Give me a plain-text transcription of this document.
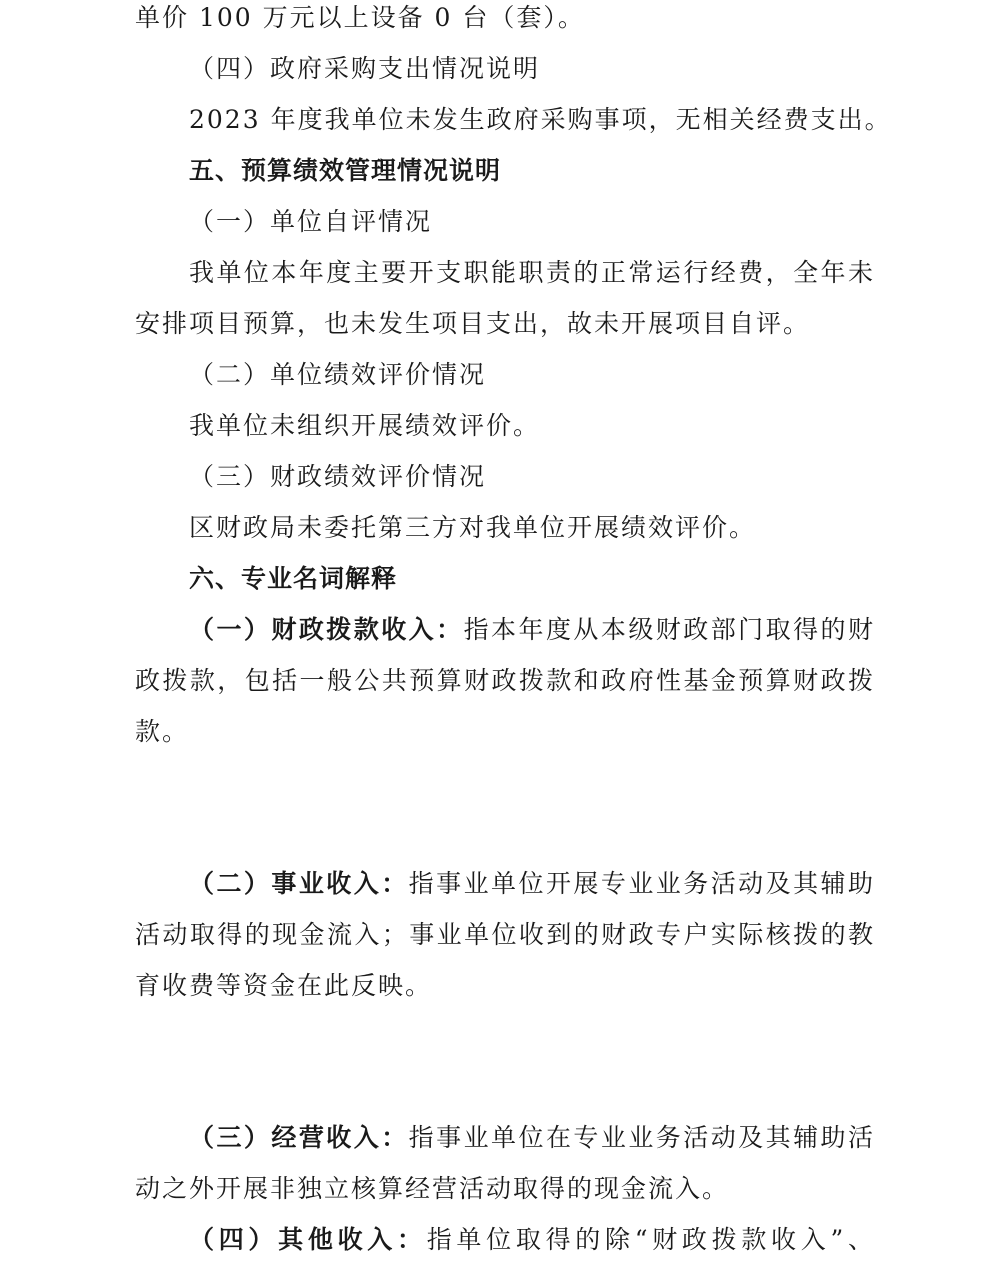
单价 100 万元以上设备 0 台（套）。
（四）政府采购支出情况说明
2023 年度我单位未发生政府采购事项，无相关经费支出。
五、预算绩效管理情况说明
（一）单位自评情况
我单位本年度主要开支职能职责的正常运行经费，全年未
安排项目预算，也未发生项目支出，故未开展项目自评。
（二）单位绩效评价情况
我单位未组织开展绩效评价。
（三）财政绩效评价情况
区财政局未委托第三方对我单位开展绩效评价。
六、专业名词解释
（一）财政拨款收入：指本年度从本级财政部门取得的财
政拨款，包括一般公共预算财政拨款和政府性基金预算财政拨
款。
（二）事业收入：指事业单位开展专业业务活动及其辅助
活动取得的现金流入；事业单位收到的财政专户实际核拨的教
育收费等资金在此反映。
（三）经营收入：指事业单位在专业业务活动及其辅助活
动之外开展非独立核算经营活动取得的现金流入。
（四）其他收入：指单位取得的除“财政拨款收入”、
